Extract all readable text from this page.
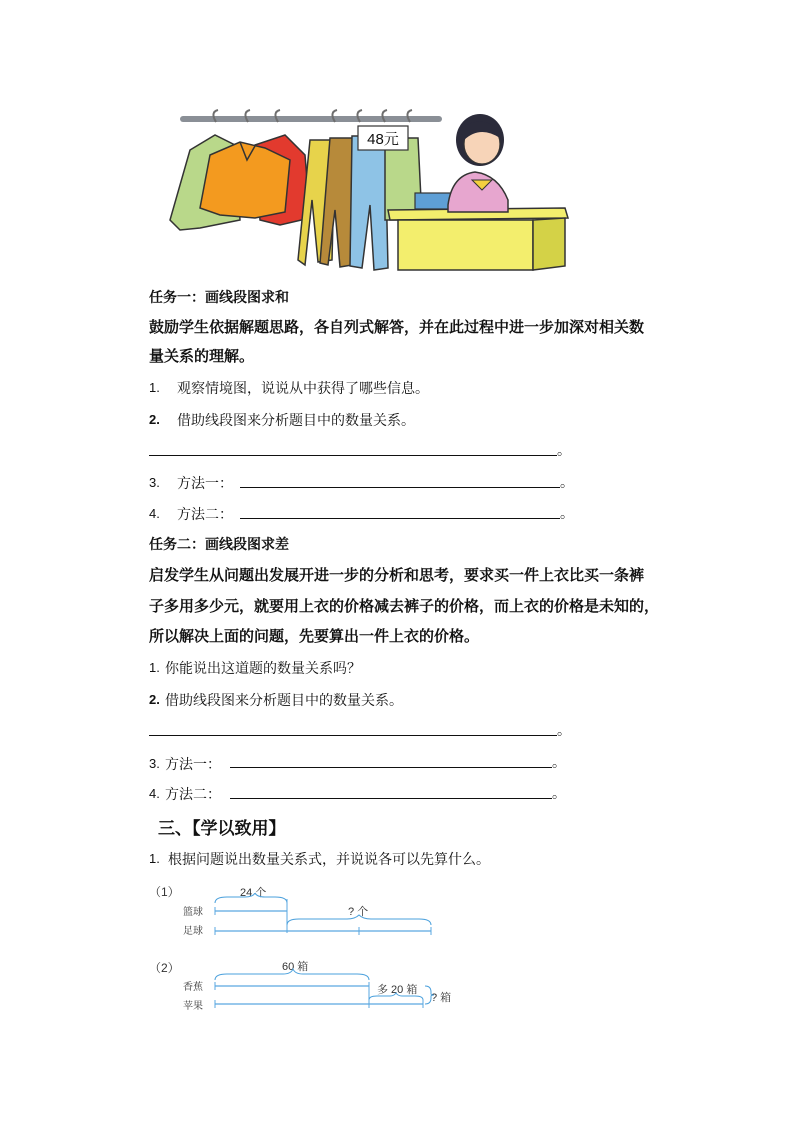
48元
任务一：画线段图求和
鼓励学生依据解题思路，各自列式解答，并在此过程中进一步加深对相关数
量关系的理解。
1. 观察情境图，说说从中获得了哪些信息。
2. 借助线段图来分析题目中的数量关系。
。
3. 方法一：	。
4. 方法二：	。
任务二：画线段图求差
启发学生从问题出发展开进一步的分析和思考，要求买一件上衣比买一条裤
子多用多少元，就要用上衣的价格减去裤子的价格，而上衣的价格是未知的，
所以解决上面的问题，先要算出一件上衣的价格。
1. 你能说出这道题的数量关系吗？
2. 借助线段图来分析题目中的数量关系。
。
3. 方法一：	。
4. 方法二：	。
三、【学以致用】
1. 根据问题说出数量关系式，并说说各可以先算什么。
（1）	24 个
篮球
足球
? 个
（2）	60 箱
香蕉
苹果
多 20 箱
? 箱
